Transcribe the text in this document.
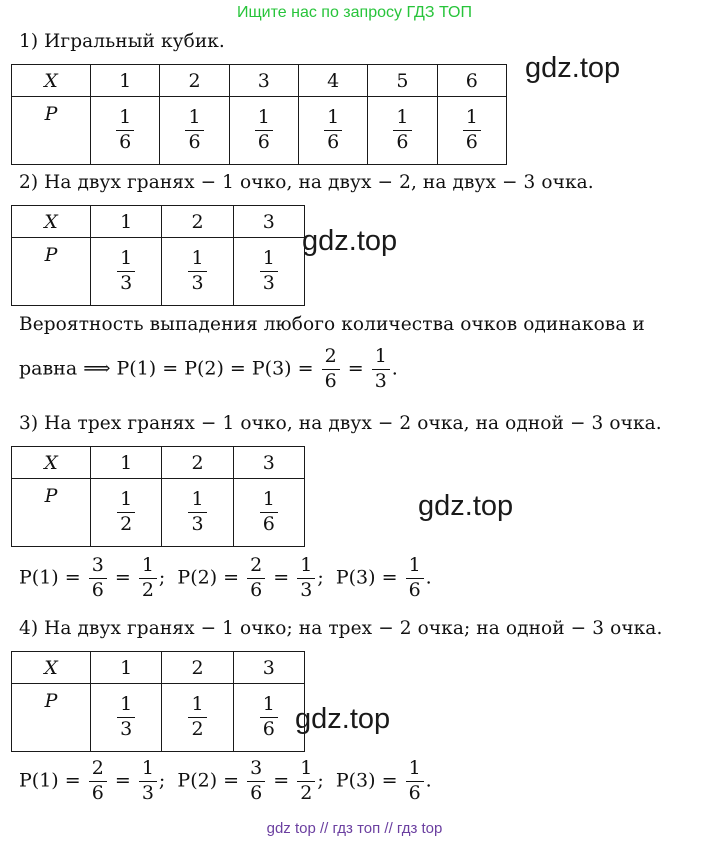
Ищите нас по запросу ГДЗ ТОП
gdz top // гдз топ // гдз top
gdz.top
gdz.top
gdz.top
gdz.top
1) Игральный кубик.
X	1	2	3	4	5	6
P	$\frac{1}{6}$	$\frac{1}{6}$	$\frac{1}{6}$	$\frac{1}{6}$	$\frac{1}{6}$	$\frac{1}{6}$
2) На двух гранях − 1 очко, на двух − 2, на двух − 3 очка.
X	1	2	3
P	$\frac{1}{3}$	$\frac{1}{3}$	$\frac{1}{3}$
Вероятность выпадения любого количества очков одинакова и
равна ⟹ $P(1) = P(2) = P(3) = \frac{2}{6} = \frac{1}{3}$ .
3) На трех гранях − 1 очко, на двух − 2 очка, на одной − 3 очка.
X	1	2	3
P	$\frac{1}{2}$	$\frac{1}{3}$	$\frac{1}{6}$
$P(1) = \frac{3}{6} = \frac{1}{2}$ ; $P(2) = \frac{2}{6} = \frac{1}{3}$ ; $P(3) = \frac{1}{6}$ .
4) На двух гранях − 1 очко; на трех − 2 очка; на одной − 3 очка.
X	1	2	3
P	$\frac{1}{3}$	$\frac{1}{2}$	$\frac{1}{6}$
$P(1) = \frac{2}{6} = \frac{1}{3}$ ; $P(2) = \frac{3}{6} = \frac{1}{2}$ ; $P(3) = \frac{1}{6}$ .
